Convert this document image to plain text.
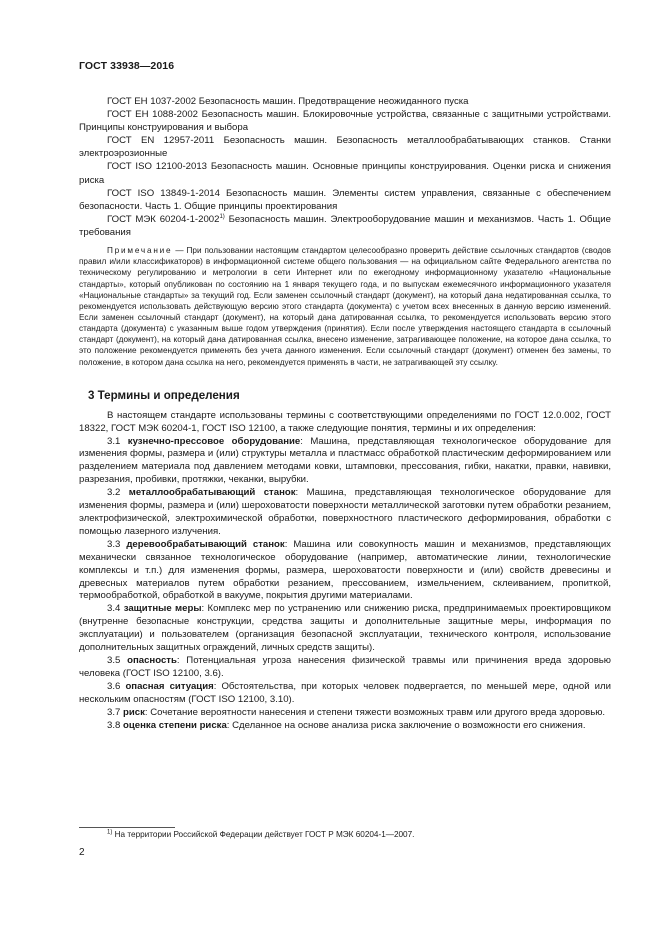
ГОСТ 33938—2016

ГОСТ ЕН 1037-2002 Безопасность машин. Предотвращение неожиданного пуска

ГОСТ ЕН 1088-2002 Безопасность машин. Блокировочные устройства, связанные с защитными устройствами. Принципы конструирования и выбора

ГОСТ EN 12957-2011 Безопасность машин. Безопасность металлообрабатывающих станков. Станки электроэрозионные

ГОСТ ISO 12100-2013 Безопасность машин. Основные принципы конструирования. Оценки риска и снижения риска

ГОСТ ISO 13849-1-2014 Безопасность машин. Элементы систем управления, связанные с обеспечением безопасности. Часть 1. Общие принципы проектирования

ГОСТ МЭК 60204-1-2002$^{1)}$ Безопасность машин. Электрооборудование машин и механизмов. Часть 1. Общие требования

Примечание — При пользовании настоящим стандартом целесообразно проверить действие ссылочных стандартов (сводов правил и/или классификаторов) в информационной системе общего пользования — на официальном сайте Федерального агентства по техническому регулированию и метрологии в сети Интернет или по ежегодному информационному указателю «Национальные стандарты», который опубликован по состоянию на 1 января текущего года, и по выпускам ежемесячного информационного указателя «Национальные стандарты» за текущий год. Если заменен ссылочный стандарт (документ), на который дана недатированная ссылка, то рекомендуется использовать действующую версию этого стандарта (документа) с учетом всех внесенных в данную версию изменений. Если заменен ссылочный стандарт (документ), на который дана датированная ссылка, то рекомендуется использовать версию этого стандарта (документа) с указанным выше годом утверждения (принятия). Если после утверждения настоящего стандарта в ссылочный стандарт (документ), на который дана датированная ссылка, внесено изменение, затрагивающее положение, на которое дана ссылка, то это положение рекомендуется применять без учета данного изменения. Если ссылочный стандарт (документ) отменен без замены, то положение, в котором дана ссылка на него, рекомендуется применять в части, не затрагивающей эту ссылку.

3 Термины и определения

В настоящем стандарте использованы термины с соответствующими определениями по ГОСТ 12.0.002, ГОСТ 18322, ГОСТ МЭК 60204-1, ГОСТ ISO 12100, а также следующие понятия, термины и их определения:

3.1 кузнечно-прессовое оборудование: Машина, представляющая технологическое оборудование для изменения формы, размера и (или) структуры металла и пластмасс обработкой пластическим деформированием или разделением материала под давлением методами ковки, штамповки, прессования, гибки, накатки, правки, навивки, разрезания, пробивки, протяжки, чеканки, вырубки.

3.2 металлообрабатывающий станок: Машина, представляющая технологическое оборудование для изменения формы, размера и (или) шероховатости поверхности металлической заготовки путем обработки резанием, электрофизической, электрохимической обработки, поверхностного пластического деформирования, обработки с помощью лазерного излучения.

3.3 деревообрабатывающий станок: Машина или совокупность машин и механизмов, представляющих механически связанное технологическое оборудование (например, автоматические линии, технологические комплексы и т.п.) для изменения формы, размера, шероховатости поверхности и (или) свойств древесины и древесных материалов путем обработки резанием, прессованием, измельчением, склеиванием, пропиткой, термообработкой, обработкой в вакууме, покрытия другими материалами.

3.4 защитные меры: Комплекс мер по устранению или снижению риска, предпринимаемых проектировщиком (внутренне безопасные конструкции, средства защиты и дополнительные защитные меры, информация по эксплуатации) и пользователем (организация безопасной эксплуатации, технического контроля, использование дополнительных защитных ограждений, личных средств защиты).

3.5 опасность: Потенциальная угроза нанесения физической травмы или причинения вреда здоровью человека (ГОСТ ISO 12100, 3.6).

3.6 опасная ситуация: Обстоятельства, при которых человек подвергается, по меньшей мере, одной или нескольким опасностям (ГОСТ ISO 12100, 3.10).

3.7 риск: Сочетание вероятности нанесения и степени тяжести возможных травм или другого вреда здоровью.

3.8 оценка степени риска: Сделанное на основе анализа риска заключение о возможности его снижения.

$^{1)}$ На территории Российской Федерации действует ГОСТ Р МЭК 60204-1—2007.

2
